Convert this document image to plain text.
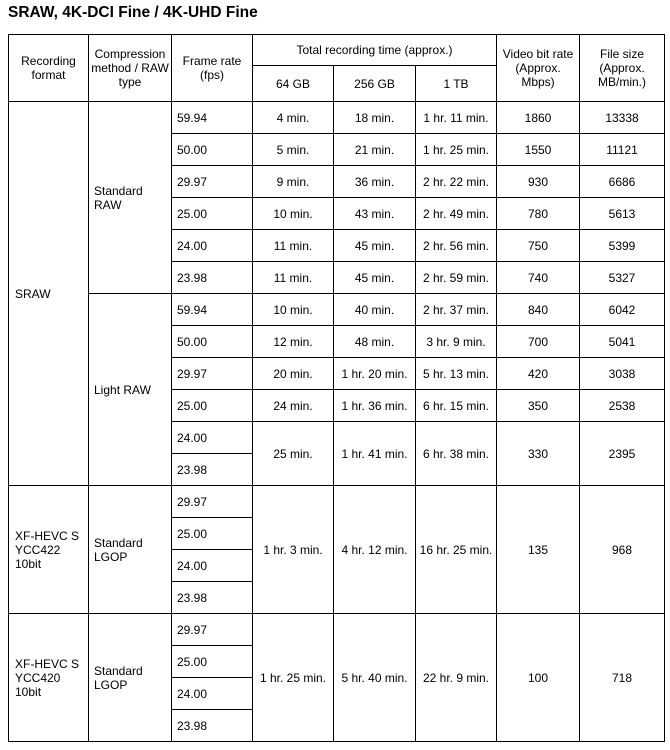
SRAW, 4K-DCI Fine / 4K-UHD Fine
Recording format	Compression method / RAW type	Frame rate (fps)	Total recording time (approx.)			Video bit rate (Approx. Mbps)	File size (Approx. MB/min.)
			64 GB	256 GB	1 TB		
SRAW	Standard RAW	59.94	4 min.	18 min.	1 hr. 11 min.	1860	13338
		50.00	5 min.	21 min.	1 hr. 25 min.	1550	11121
		29.97	9 min.	36 min.	2 hr. 22 min.	930	6686
		25.00	10 min.	43 min.	2 hr. 49 min.	780	5613
		24.00	11 min.	45 min.	2 hr. 56 min.	750	5399
		23.98	11 min.	45 min.	2 hr. 59 min.	740	5327
	Light RAW	59.94	10 min.	40 min.	2 hr. 37 min.	840	6042
		50.00	12 min.	48 min.	3 hr. 9 min.	700	5041
		29.97	20 min.	1 hr. 20 min.	5 hr. 13 min.	420	3038
		25.00	24 min.	1 hr. 36 min.	6 hr. 15 min.	350	2538
		24.00	25 min.	1 hr. 41 min.	6 hr. 38 min.	330	2395
		23.98					
XF-HEVC S YCC422 10bit	Standard LGOP	29.97	1 hr. 3 min.	4 hr. 12 min.	16 hr. 25 min.	135	968
		25.00					
		24.00					
		23.98					
XF-HEVC S YCC420 10bit	Standard LGOP	29.97	1 hr. 25 min.	5 hr. 40 min.	22 hr. 9 min.	100	718
		25.00					
		24.00					
		23.98					
